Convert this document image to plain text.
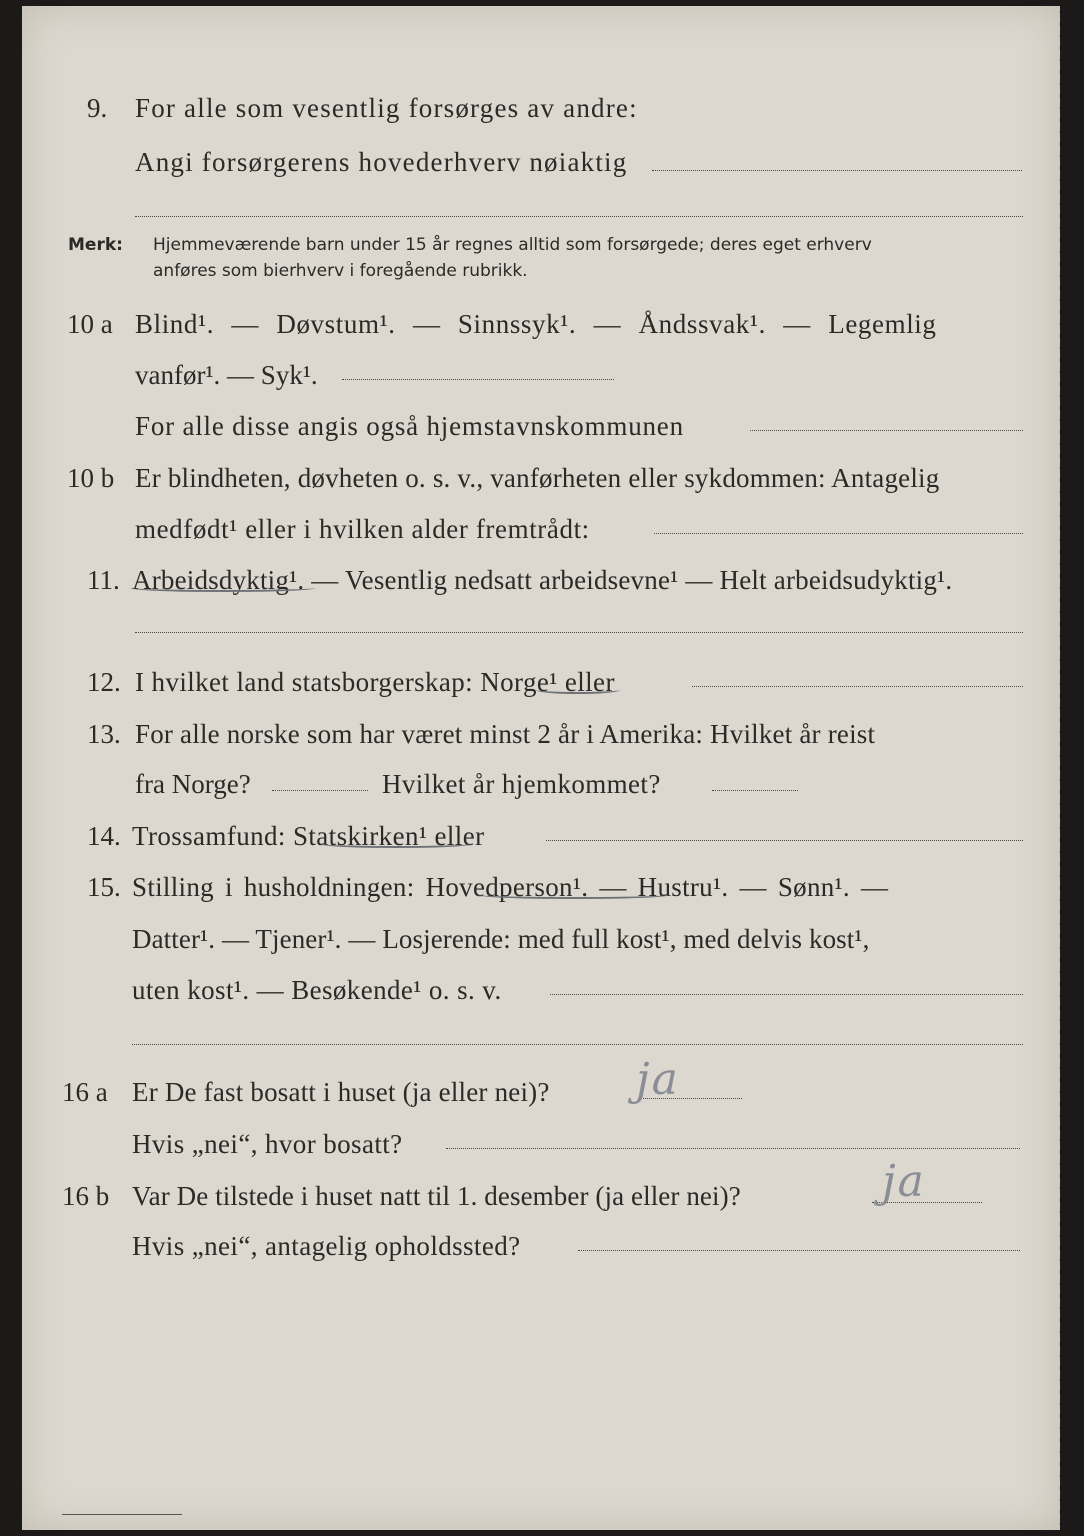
9. For alle som vesentlig forsørges av andre:
Angi forsørgerens hovederhverv nøiaktig
Merk: Hjemmeværende barn under 15 år regnes alltid som forsørgede; deres eget erhverv
anføres som bierhverv i foregående rubrikk.
10 a Blind¹. — Døvstum¹. — Sinnssyk¹. — Åndssvak¹. — Legemlig
vanfør¹. — Syk¹.
For alle disse angis også hjemstavnskommunen
10 b Er blindheten, døvheten o. s. v., vanførheten eller sykdommen: Antagelig
medfødt¹ eller i hvilken alder fremtrådt:
11. Arbeidsdyktig¹. — Vesentlig nedsatt arbeidsevne¹ — Helt arbeidsudyktig¹.
12. I hvilket land statsborgerskap: Norge¹ eller
13. For alle norske som har været minst 2 år i Amerika: Hvilket år reist
fra Norge?	Hvilket år hjemkommet?
14. Trossamfund: Statskirken¹ eller
15. Stilling i husholdningen: Hovedperson¹. — Hustru¹. — Sønn¹. —
Datter¹. — Tjener¹. — Losjerende: med full kost¹, med delvis kost¹,
uten kost¹. — Besøkende¹ o. s. v.
16 a Er De fast bosatt i huset (ja eller nei)? ja
Hvis „nei“, hvor bosatt?
16 b Var De tilstede i huset natt til 1. desember (ja eller nei)?	ja
Hvis „nei“, antagelig opholdssted?
